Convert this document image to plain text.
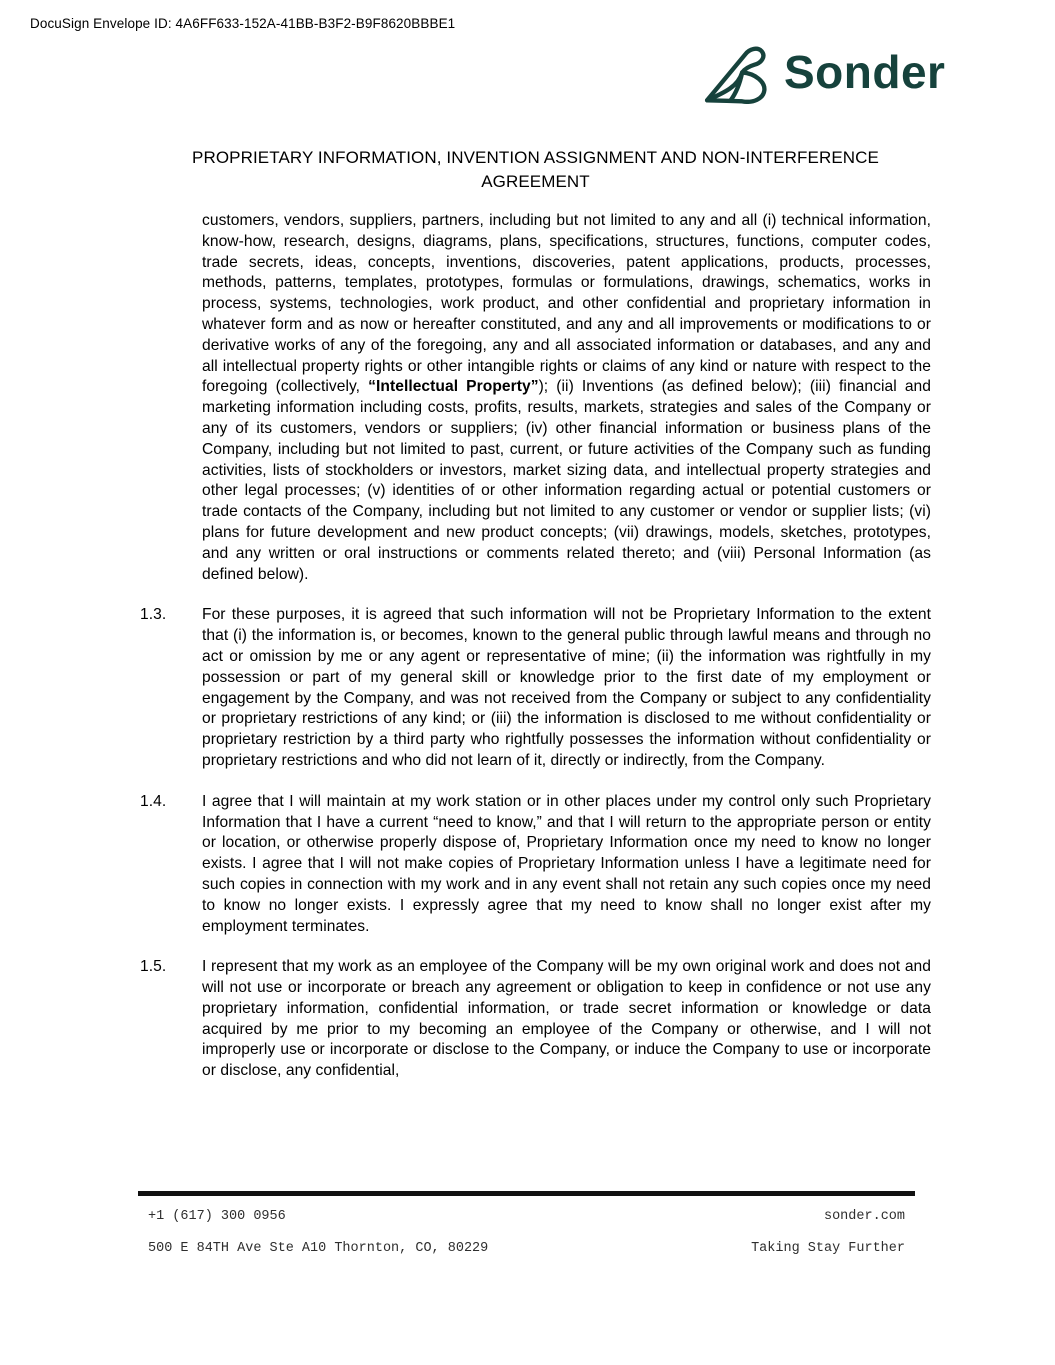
DocuSign Envelope ID: 4A6FF633-152A-41BB-B3F2-B9F8620BBBE1
Sonder
PROPRIETARY INFORMATION, INVENTION ASSIGNMENT AND NON-INTERFERENCE
AGREEMENT
customers, vendors, suppliers, partners, including but not limited to any and all (i) technical information, know-how, research, designs, diagrams, plans, specifications, structures, functions, computer codes, trade secrets, ideas, concepts, inventions, discoveries, patent applications, products, processes, methods, patterns, templates, prototypes, formulas or formulations, drawings, schematics, works in process, systems, technologies, work product, and other confidential and proprietary information in whatever form and as now or hereafter constituted, and any and all improvements or modifications to or derivative works of any of the foregoing, any and all associated information or databases, and any and all intellectual property rights or other intangible rights or claims of any kind or nature with respect to the foregoing (collectively, “Intellectual Property”); (ii) Inventions (as defined below); (iii) financial and marketing information including costs, profits, results, markets, strategies and sales of the Company or any of its customers, vendors or suppliers; (iv) other financial information or business plans of the Company, including but not limited to past, current, or future activities of the Company such as funding activities, lists of stockholders or investors, market sizing data, and intellectual property strategies and other legal processes; (v) identities of or other information regarding actual or potential customers or trade contacts of the Company, including but not limited to any customer or vendor or supplier lists; (vi) plans for future development and new product concepts; (vii) drawings, models, sketches, prototypes, and any written or oral instructions or comments related thereto; and (viii) Personal Information (as defined below).
1.3. For these purposes, it is agreed that such information will not be Proprietary Information to the extent that (i) the information is, or becomes, known to the general public through lawful means and through no act or omission by me or any agent or representative of mine; (ii) the information was rightfully in my possession or part of my general skill or knowledge prior to the first date of my employment or engagement by the Company, and was not received from the Company or subject to any confidentiality or proprietary restrictions of any kind; or (iii) the information is disclosed to me without confidentiality or proprietary restriction by a third party who rightfully possesses the information without confidentiality or proprietary restrictions and who did not learn of it, directly or indirectly, from the Company.
1.4. I agree that I will maintain at my work station or in other places under my control only such Proprietary Information that I have a current “need to know,” and that I will return to the appropriate person or entity or location, or otherwise properly dispose of, Proprietary Information once my need to know no longer exists. I agree that I will not make copies of Proprietary Information unless I have a legitimate need for such copies in connection with my work and in any event shall not retain any such copies once my need to know no longer exists. I expressly agree that my need to know shall no longer exist after my employment terminates.
1.5. I represent that my work as an employee of the Company will be my own original work and does not and will not use or incorporate or breach any agreement or obligation to keep in confidence or not use any proprietary information, confidential information, or trade secret information or knowledge or data acquired by me prior to my becoming an employee of the Company or otherwise, and I will not improperly use or incorporate or disclose to the Company, or induce the Company to use or incorporate or disclose, any confidential,
+1 (617) 300 0956	sonder.com
500 E 84TH Ave Ste A10 Thornton, CO, 80229	Taking Stay Further
